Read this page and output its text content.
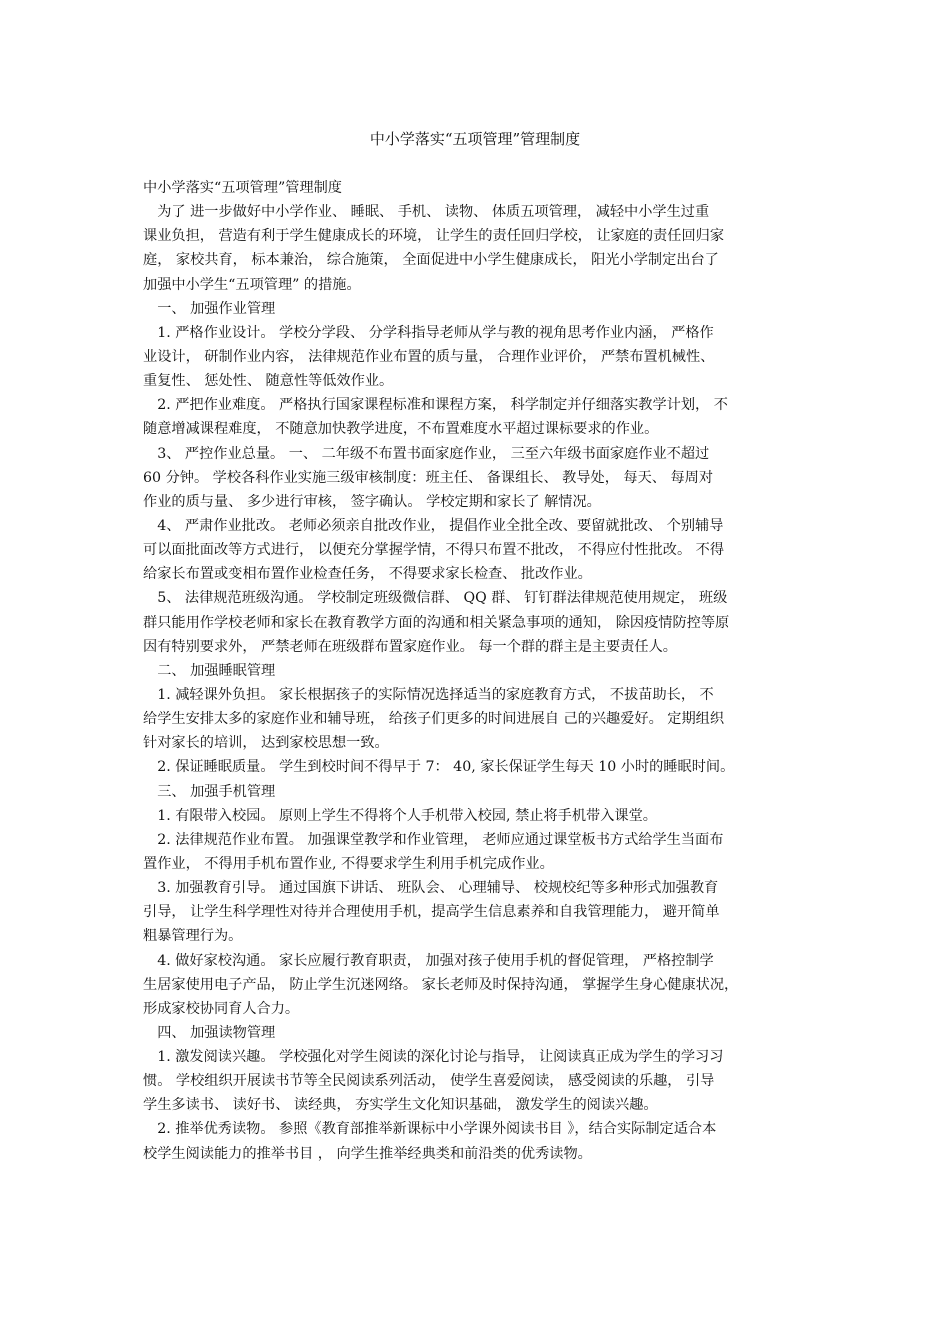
中小学落实“五项管理”管理制度
中小学落实“五项管理”管理制度
为了 进一步做好中小学作业、 睡眠、 手机、 读物、 体质五项管理， 减轻中小学生过重
课业负担， 营造有利于学生健康成长的环境， 让学生的责任回归学校， 让家庭的责任回归家
庭， 家校共育， 标本兼治， 综合施策， 全面促进中小学生健康成长， 阳光小学制定出台了
加强中小学生“五项管理” 的措施。
一、 加强作业管理
1. 严格作业设计。 学校分学段、 分学科指导老师从学与教的视角思考作业内涵， 严格作
业设计， 研制作业内容， 法律规范作业布置的质与量， 合理作业评价， 严禁布置机械性、
重复性、 惩处性、 随意性等低效作业。
2. 严把作业难度。 严格执行国家课程标准和课程方案， 科学制定并仔细落实教学计划， 不
随意增减课程难度， 不随意加快教学进度，不布置难度水平超过课标要求的作业。
3、 严控作业总量。 一、 二年级不布置书面家庭作业， 三至六年级书面家庭作业不超过
60 分钟。 学校各科作业实施三级审核制度：班主任、 备课组长、 教导处， 每天、 每周对
作业的质与量、 多少进行审核， 签字确认。 学校定期和家长了 解情况。
4、 严肃作业批改。 老师必须亲自批改作业， 提倡作业全批全改、要留就批改、 个别辅导
可以面批面改等方式进行， 以便充分掌握学情，不得只布置不批改， 不得应付性批改。 不得
给家长布置或变相布置作业检查任务， 不得要求家长检查、 批改作业。
5、 法律规范班级沟通。 学校制定班级微信群、 QQ 群、 钉钉群法律规范使用规定， 班级
群只能用作学校老师和家长在教育教学方面的沟通和相关紧急事项的通知， 除因疫情防控等原
因有特别要求外， 严禁老师在班级群布置家庭作业。 每一个群的群主是主要责任人。
二、 加强睡眠管理
1. 减轻课外负担。 家长根据孩子的实际情况选择适当的家庭教育方式， 不拔苗助长， 不
给学生安排太多的家庭作业和辅导班， 给孩子们更多的时间进展自 己的兴趣爱好。 定期组织
针对家长的培训， 达到家校思想一致。
2. 保证睡眠质量。 学生到校时间不得早于 7： 40, 家长保证学生每天 10 小时的睡眠时间。
三、 加强手机管理
1. 有限带入校园。 原则上学生不得将个人手机带入校园, 禁止将手机带入课堂。
2. 法律规范作业布置。 加强课堂教学和作业管理， 老师应通过课堂板书方式给学生当面布
置作业， 不得用手机布置作业, 不得要求学生利用手机完成作业。
3. 加强教育引导。 通过国旗下讲话、 班队会、 心理辅导、 校规校纪等多种形式加强教育
引导， 让学生科学理性对待并合理使用手机，提高学生信息素养和自我管理能力， 避开简单
粗暴管理行为。
4. 做好家校沟通。 家长应履行教育职责， 加强对孩子使用手机的督促管理， 严格控制学
生居家使用电子产品， 防止学生沉迷网络。 家长老师及时保持沟通， 掌握学生身心健康状况，
形成家校协同育人合力。
四、 加强读物管理
1. 激发阅读兴趣。 学校强化对学生阅读的深化讨论与指导， 让阅读真正成为学生的学习习
惯。 学校组织开展读书节等全民阅读系列活动， 使学生喜爱阅读， 感受阅读的乐趣， 引导
学生多读书、 读好书、 读经典， 夯实学生文化知识基础， 激发学生的阅读兴趣。
2. 推举优秀读物。 参照《教育部推举新课标中小学课外阅读书目 》，结合实际制定适合本
校学生阅读能力的推举书目 ， 向学生推举经典类和前沿类的优秀读物。
